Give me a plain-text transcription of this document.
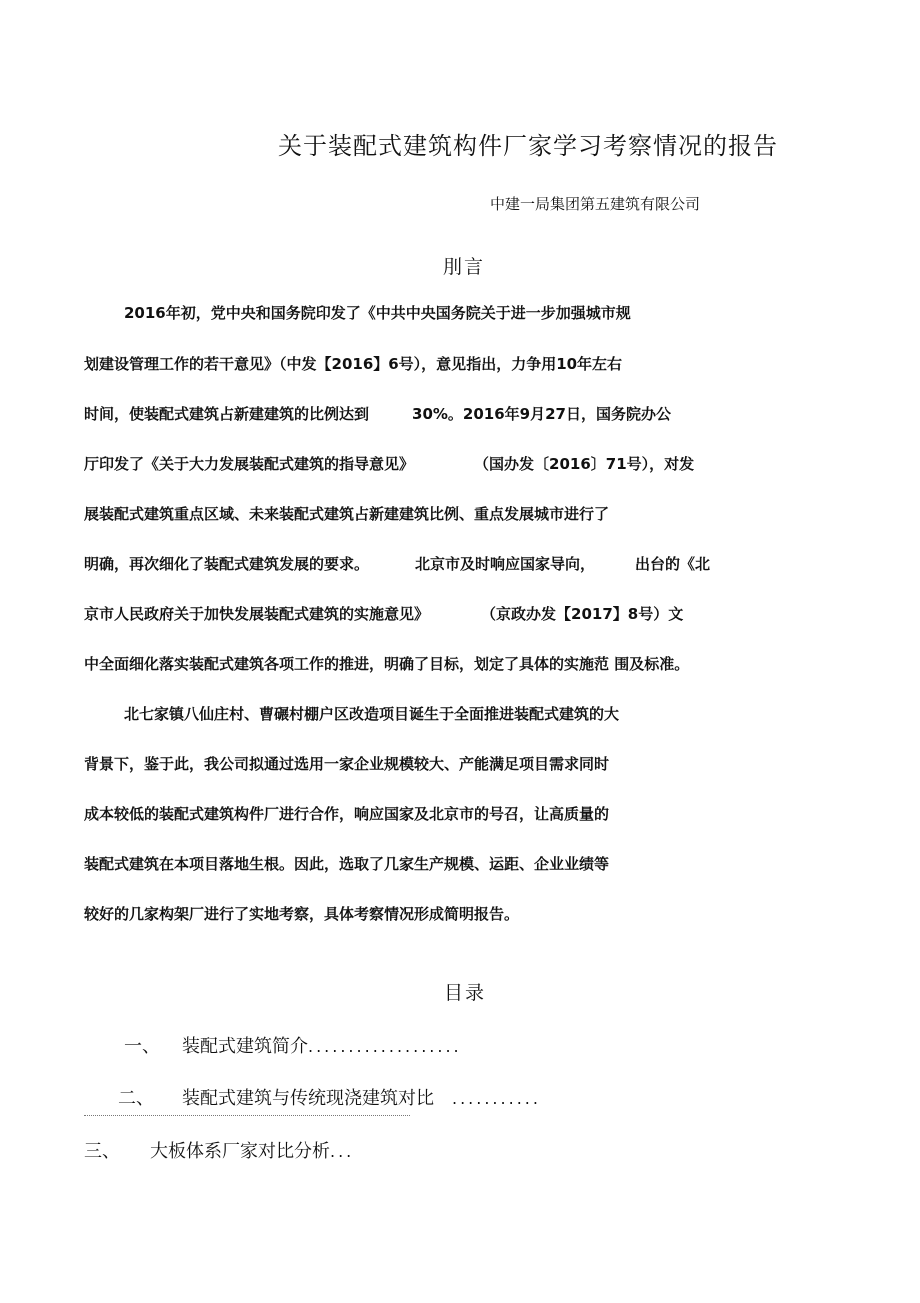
关于装配式建筑构件厂家学习考察情况的报告
中建一局集团第五建筑有限公司
刖言
2016年初，党中央和国务院印发了《中共中央国务院关于进一步加强城市规
划建设管理工作的若干意见》（中发【2016】6号），意见指出，力争用10年左右
时间，使装配式建筑占新建建筑的比例达到	30%。2016年9月27日，国务院办公
厅印发了《关于大力发展装配式建筑的指导意见》	（国办发〔2016〕71号），对发
展装配式建筑重点区域、未来装配式建筑占新建建筑比例、重点发展城市进行了
明确，再次细化了装配式建筑发展的要求。	北京市及时响应国家导向，	出台的《北
京市人民政府关于加快发展装配式建筑的实施意见》	（京政办发【2017】8号）文
中全面细化落实装配式建筑各项工作的推进，明确了目标，划定了具体的实施范 围及标准。
北七家镇八仙庄村、曹碾村棚户区改造项目诞生于全面推进装配式建筑的大
背景下，鉴于此，我公司拟通过选用一家企业规模较大、产能满足项目需求同时
成本较低的装配式建筑构件厂进行合作，响应国家及北京市的号召，让高质量的
装配式建筑在本项目落地生根。因此，选取了几家生产规模、运距、企业业绩等
较好的几家构架厂进行了实地考察，具体考察情况形成简明报告。
目录
一、 装配式建筑简介...................
二、 装配式建筑与传统现浇建筑对比 ...........
三、 大板体系厂家对比分析...
